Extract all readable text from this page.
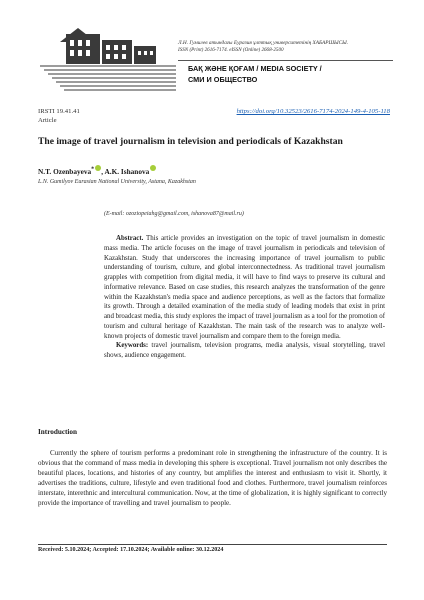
Л.Н. Гумилев атындағы Еуразия ұлттық университетінің ХАБАРШЫСЫ.
ISSN (Print) 2616-7174. eISSN (Online) 2668-2500
БАҚ ЖӘНЕ ҚОҒАМ / MEDIA SOCIETY /
СМИ И ОБЩЕСТВО
IRSTI 19.41.41
Article
https://doi.org/10.32523/2616-7174-2024-149-4-105-118
The image of travel journalism in television and periodicals of Kazakhstan
N.T. Ozenbayeva* , A.K. Ishanova
L.N. Gumilyov Eurasian National University, Astana, Kazakhstan
(E-mail: ozoziopeiahg@gmail.com, ishanova87@mail.ru)

Abstract. This article provides an investigation on the topic of travel journalism in domestic mass media. The article focuses on the image of travel journalism in periodicals and television of Kazakhstan. Study that underscores the increasing importance of travel journalism to public understanding of tourism, culture, and global interconnectedness. As traditional travel journalism grapples with competition from digital media, it will have to find ways to preserve its cultural and informative relevance. Based on case studies, this research analyzes the transformation of the genre within the Kazakhstan's media space and audience perceptions, as well as the factors that formalize its growth. Through a detailed examination of the media study of leading models that exist in print and broadcast media, this study explores the impact of travel journalism as a tool for the promotion of tourism and cultural heritage of Kazakhstan. The main task of the research was to analyze well-known projects of domestic travel journalism and compare them to the foreign media.

Keywords: travel journalism, television programs, media analysis, visual storytelling, travel shows, audience engagement.

Introduction

Currently the sphere of tourism performs a predominant role in strengthening the infrastructure of the country. It is obvious that the command of mass media in developing this sphere is exceptional. Travel journalism not only describes the beautiful places, locations, and histories of any country, but amplifies the interest and enthusiasm to visit it. Shortly, it advertises the traditions, culture, lifestyle and even traditional food and clothes. Furthermore, travel journalism reinforces interstate, interethnic and intercultural communication. Now, at the time of globalization, it is highly significant to correctly provide the importance of travelling and travel journalism to people.

Received: 5.10.2024; Accepted: 17.10.2024; Available online: 30.12.2024
